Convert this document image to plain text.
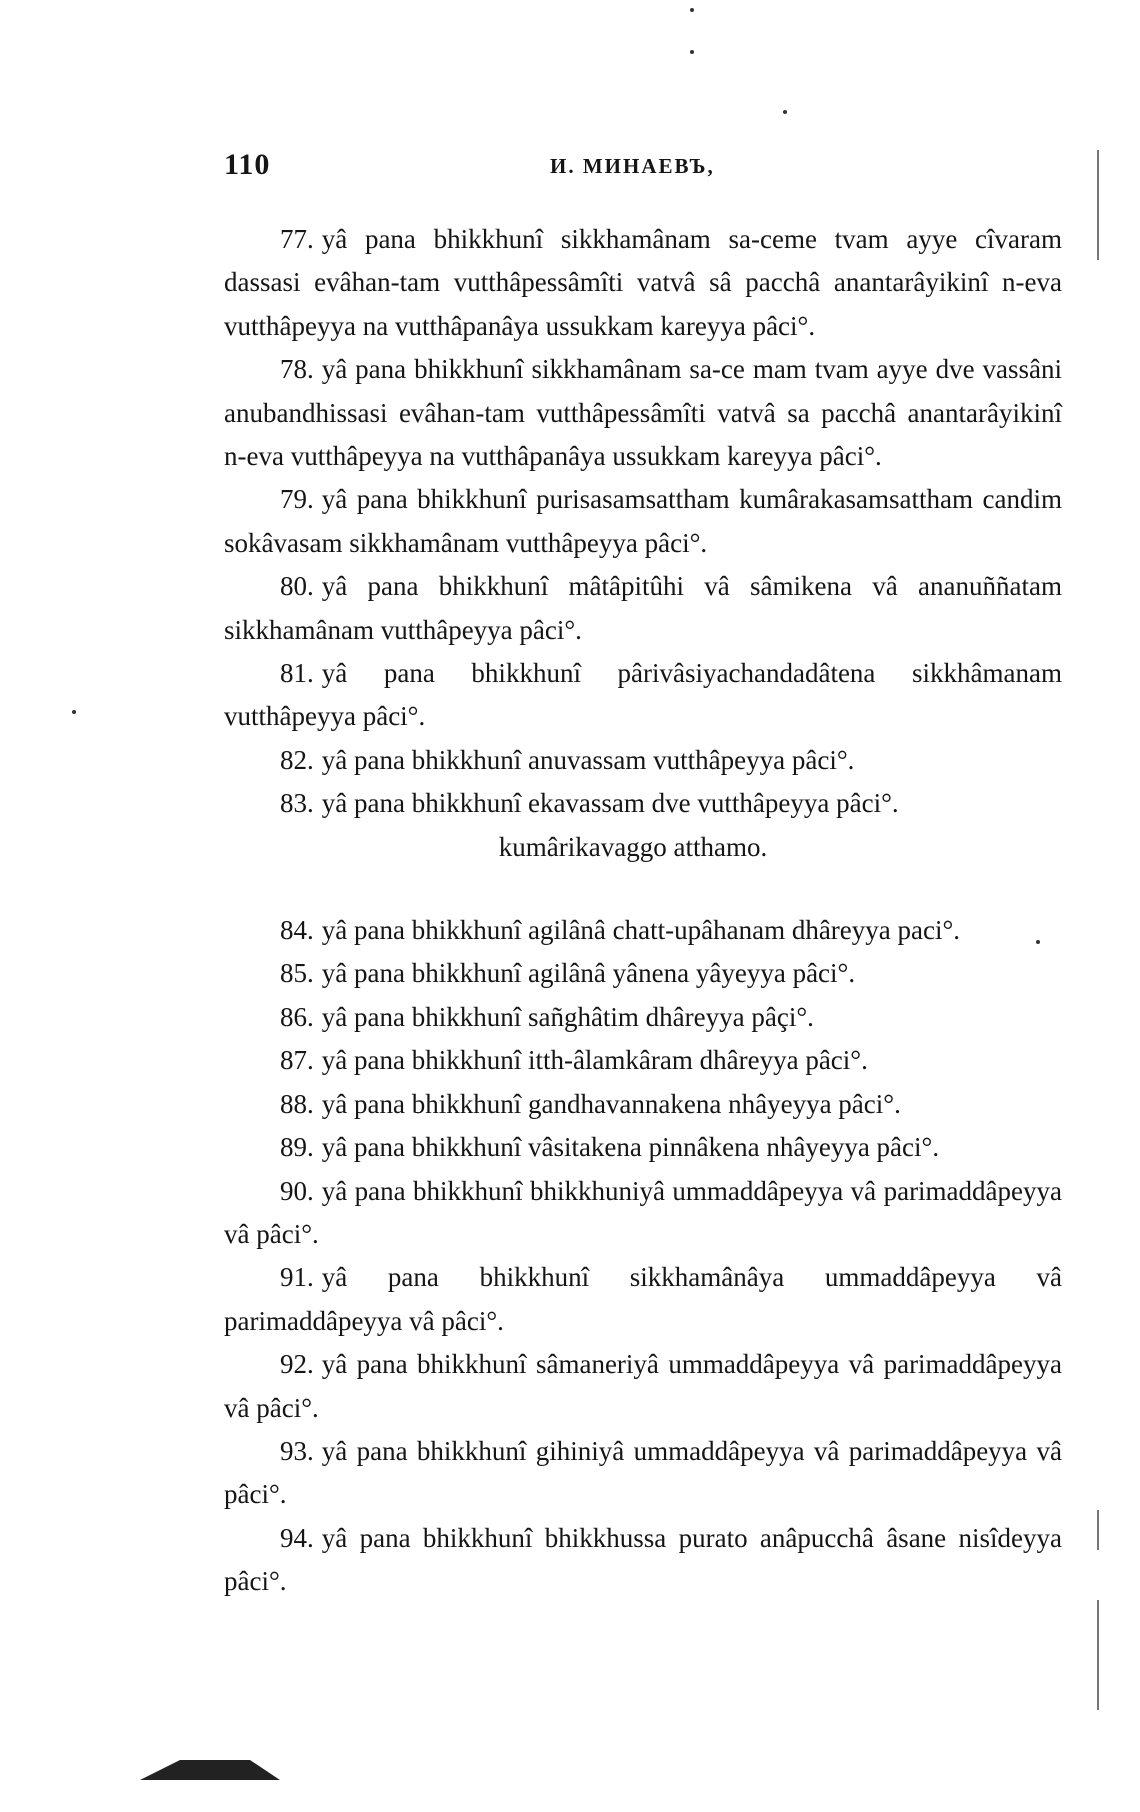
110	И. МИНАЕВЪ,

77. yâ pana bhikkhunî sikkhamânam sa-ceme tvam ayye cîvaram dassasi evâhan-tam vutthâpessâmîti vatvâ sâ pacchâ anantarâyikinî n-eva vutthâpeyya na vutthâpanâya ussukkam kareyya pâci°.

78. yâ pana bhikkhunî sikkhamânam sa-ce mam tvam ayye dve vassâni anubandhissasi evâhan-tam vutthâpessâmîti vatvâ sa pacchâ anantarâyikinî n-eva vutthâpeyya na vutthâpanâya ussukkam kareyya pâci°.

79. yâ pana bhikkhunî purisasamsattham kumârakasamsattham candim sokâvasam sikkhamânam vutthâpeyya pâci°.

80. yâ pana bhikkhunî mâtâpitûhi vâ sâmikena vâ ananuññatam sikkhamânam vutthâpeyya pâci°.

81. yâ pana bhikkhunî pârivâsiyachandadâtena sikkhâmanam vutthâpeyya pâci°.

82. yâ pana bhikkhunî anuvassam vutthâpeyya pâci°.

83. yâ pana bhikkhunî ekavassam dve vutthâpeyya pâci°.

kumârikavaggo atthamo.

84. yâ pana bhikkhunî agilânâ chatt-upâhanam dhâreyya paci°.

85. yâ pana bhikkhunî agilânâ yânena yâyeyya pâci°.

86. yâ pana bhikkhunî sañghâtim dhâreyya pâçi°.

87. yâ pana bhikkhunî itth-âlamkâram dhâreyya pâci°.

88. yâ pana bhikkhunî gandhavannakena nhâyeyya pâci°.

89. yâ pana bhikkhunî vâsitakena pinnâkena nhâyeyya pâci°.

90. yâ pana bhikkhunî bhikkhuniyâ ummaddâpeyya vâ parimaddâpeyya vâ pâci°.

91. yâ pana bhikkhunî sikkhamânâya ummaddâpeyya vâ parimaddâpeyya vâ pâci°.

92. yâ pana bhikkhunî sâmaneriyâ ummaddâpeyya vâ parimaddâpeyya vâ pâci°.

93. yâ pana bhikkhunî gihiniyâ ummaddâpeyya vâ parimaddâpeyya vâ pâci°.

94. yâ pana bhikkhunî bhikkhussa purato anâpucchâ âsane nisîdeyya pâci°.
